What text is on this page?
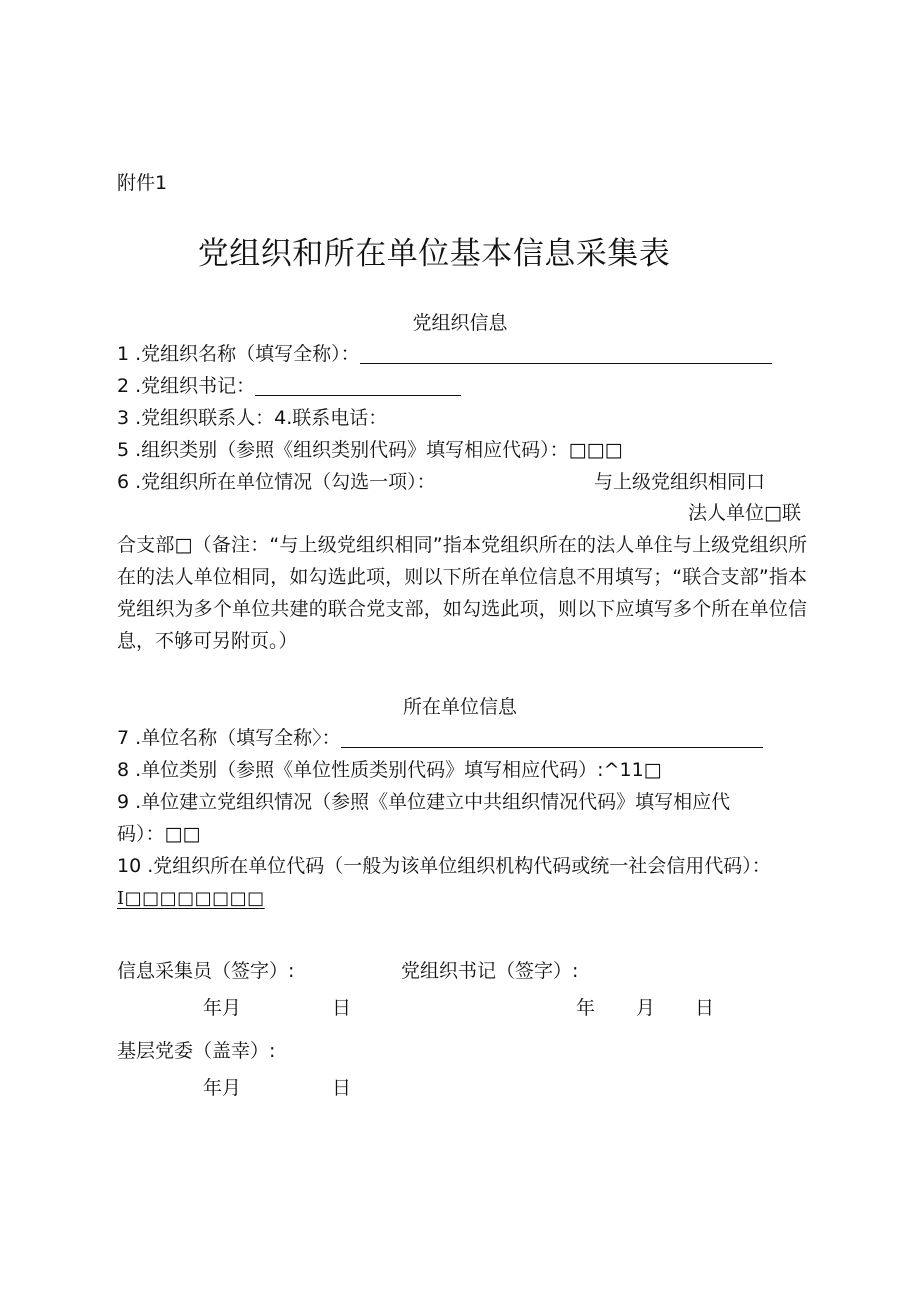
附件1
党组织和所在单位基本信息采集表
党组织信息
1 .党组织名称（填写全称）：
2 .党组织书记：
3 .党组织联系人：4.联系电话：
5 .组织类别（参照《组织类别代码》填写相应代码）：□□□
6 .党组织所在单位情况（勾选一项）：	与上级党组织相同口
法人单位□联
合支部□（备注：“与上级党组织相同”指本党组织所在的法人单住与上级党组织所在的法人单位相同，如勾选此项，则以下所在单位信息不用填写；“联合支部”指本党组织为多个单位共建的联合党支部，如勾选此项，则以下应填写多个所在单位信息，不够可另附页。）
所在单位信息
7 .单位名称（填写全称〉：
8 .单位类别（参照《单位性质类别代码》填写相应代码）:^11□
9 .单位建立党组织情况（参照《单位建立中共组织情况代码》填写相应代
码）：□□
10 .党组织所在单位代码（一般为该单位组织机构代码或统一社会信用代码）：
I□□□□□□□□
信息采集员（签字）:	党组织书记（签字）:
年月	日	年 月 日
基层党委（盖幸）:
年月	日
